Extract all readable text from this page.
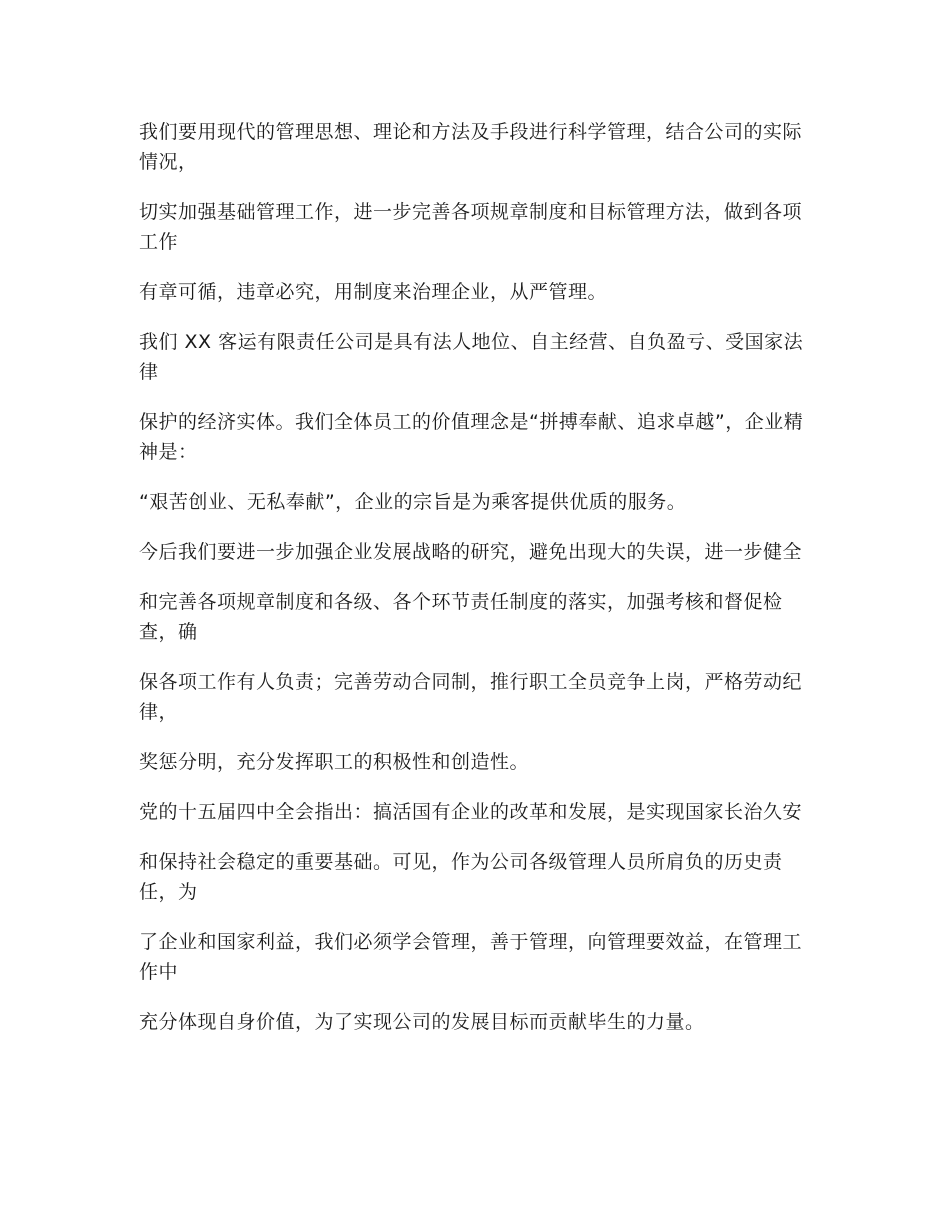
我们要用现代的管理思想、理论和方法及手段进行科学管理，结合公司的实际情况，

切实加强基础管理工作，进一步完善各项规章制度和目标管理方法，做到各项工作

有章可循，违章必究，用制度来治理企业，从严管理。

我们 XX 客运有限责任公司是具有法人地位、自主经营、自负盈亏、受国家法律

保护的经济实体。我们全体员工的价值理念是“拼搏奉献、追求卓越”，企业精神是：

“艰苦创业、无私奉献”，企业的宗旨是为乘客提供优质的服务。

今后我们要进一步加强企业发展战略的研究，避免出现大的失误，进一步健全

和完善各项规章制度和各级、各个环节责任制度的落实，加强考核和督促检查，确

保各项工作有人负责；完善劳动合同制，推行职工全员竞争上岗，严格劳动纪律，

奖惩分明，充分发挥职工的积极性和创造性。

党的十五届四中全会指出：搞活国有企业的改革和发展，是实现国家长治久安

和保持社会稳定的重要基础。可见，作为公司各级管理人员所肩负的历史责任，为

了企业和国家利益，我们必须学会管理，善于管理，向管理要效益，在管理工作中

充分体现自身价值，为了实现公司的发展目标而贡献毕生的力量。
